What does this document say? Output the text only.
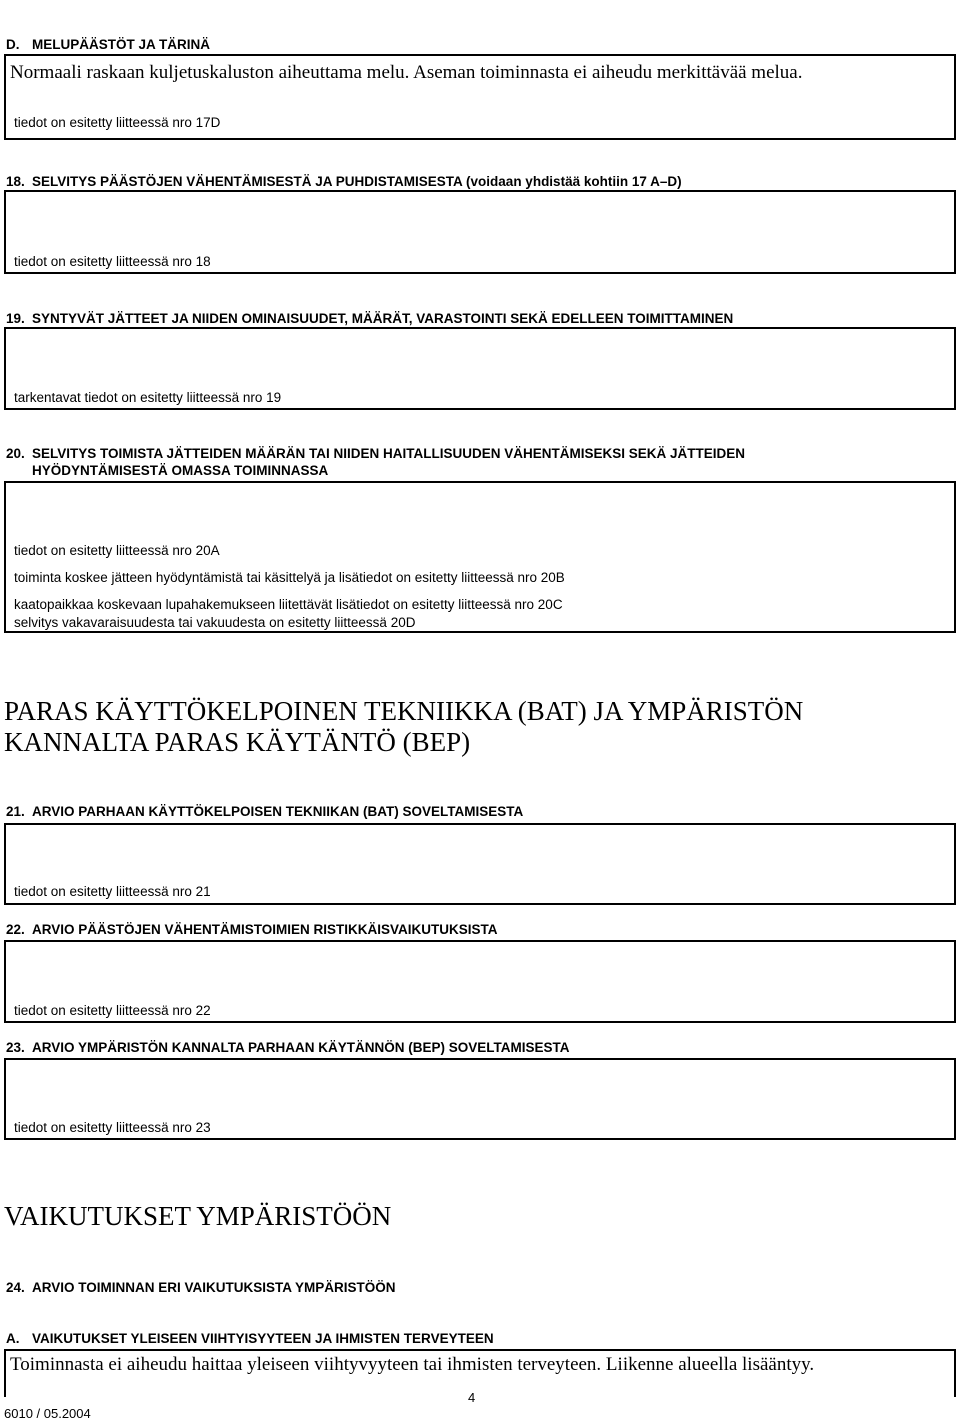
D. MELUPÄÄSTÖT JA TÄRINÄ
Normaali raskaan kuljetuskaluston aiheuttama melu. Aseman toiminnasta ei aiheudu merkittävää melua.
tiedot on esitetty liitteessä nro 17D
18. SELVITYS PÄÄSTÖJEN VÄHENTÄMISESTÄ JA PUHDISTAMISESTA (voidaan yhdistää kohtiin 17 A–D)
tiedot on esitetty liitteessä nro 18
19. SYNTYVÄT JÄTTEET JA NIIDEN OMINAISUUDET, MÄÄRÄT, VARASTOINTI SEKÄ EDELLEEN TOIMITTAMINEN
tarkentavat tiedot on esitetty liitteessä nro 19
20. SELVITYS TOIMISTA JÄTTEIDEN MÄÄRÄN TAI NIIDEN HAITALLISUUDEN VÄHENTÄMISEKSI SEKÄ JÄTTEIDEN
HYÖDYNTÄMISESTÄ OMASSA TOIMINNASSA
tiedot on esitetty liitteessä nro 20A
toiminta koskee jätteen hyödyntämistä tai käsittelyä ja lisätiedot on esitetty liitteessä nro 20B
kaatopaikkaa koskevaan lupahakemukseen liitettävät lisätiedot on esitetty liitteessä nro 20C
selvitys vakavaraisuudesta tai vakuudesta on esitetty liitteessä 20D
PARAS KÄYTTÖKELPOINEN TEKNIIKKA (BAT) JA YMPÄRISTÖN
KANNALTA PARAS KÄYTÄNTÖ (BEP)
21. ARVIO PARHAAN KÄYTTÖKELPOISEN TEKNIIKAN (BAT) SOVELTAMISESTA
tiedot on esitetty liitteessä nro 21
22. ARVIO PÄÄSTÖJEN VÄHENTÄMISTOIMIEN RISTIKKÄISVAIKUTUKSISTA
tiedot on esitetty liitteessä nro 22
23. ARVIO YMPÄRISTÖN KANNALTA PARHAAN KÄYTÄNNÖN (BEP) SOVELTAMISESTA
tiedot on esitetty liitteessä nro 23
VAIKUTUKSET YMPÄRISTÖÖN
24. ARVIO TOIMINNAN ERI VAIKUTUKSISTA YMPÄRISTÖÖN
A. VAIKUTUKSET YLEISEEN VIIHTYISYYTEEN JA IHMISTEN TERVEYTEEN
Toiminnasta ei aiheudu haittaa yleiseen viihtyvyyteen tai ihmisten terveyteen. Liikenne alueella lisääntyy.
4
6010 / 05.2004
